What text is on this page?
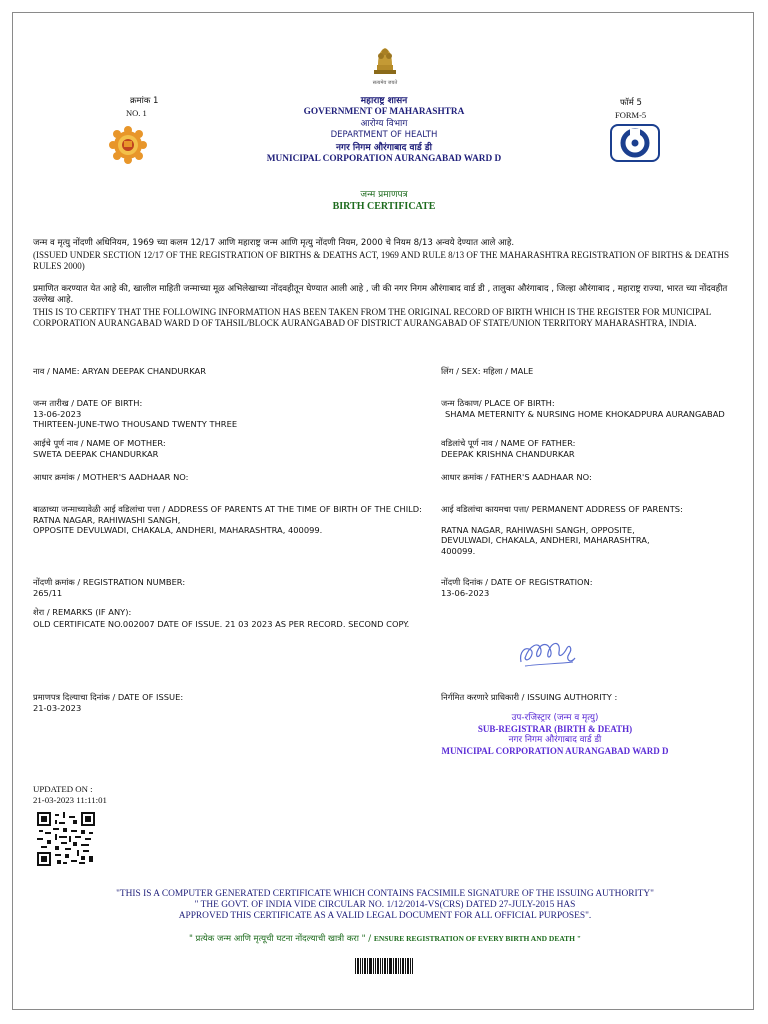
सत्यमेव जयते
क्रमांक 1
NO. 1
महाराष्ट्र शासन
GOVERNMENT OF MAHARASHTRA
आरोग्य विभाग
DEPARTMENT OF HEALTH
नगर निगम औरंगाबाद वार्ड डी
MUNICIPAL CORPORATION AURANGABAD WARD D
फॉर्म 5
FORM-5
जन्म प्रमाणपत्र
BIRTH CERTIFICATE
जन्म व मृत्यु नोंदणी अधिनियम, 1969 च्या कलम 12/17 आणि महाराष्ट्र जन्म आणि मृत्यु नोंदणी नियम, 2000 चे नियम 8/13 अन्वये देण्यात आले आहे.
(ISSUED UNDER SECTION 12/17 OF THE REGISTRATION OF BIRTHS & DEATHS ACT, 1969 AND RULE 8/13 OF THE MAHARASHTRA REGISTRATION OF BIRTHS & DEATHS RULES 2000)
प्रमाणित करण्यात येत आहे की, खालील माहिती जन्माच्या मूळ अभिलेखाच्या नोंदवहीतून घेण्यात आली आहे , जी की नगर निगम औरंगाबाद वार्ड डी , तालुका औरंगाबाद , जिल्हा औरंगाबाद , महाराष्ट्र राज्या, भारत च्या नोंदवहीत उल्लेख आहे.
THIS IS TO CERTIFY THAT THE FOLLOWING INFORMATION HAS BEEN TAKEN FROM THE ORIGINAL RECORD OF BIRTH WHICH IS THE REGISTER FOR MUNICIPAL CORPORATION AURANGABAD WARD D OF TAHSIL/BLOCK AURANGABAD OF DISTRICT AURANGABAD OF STATE/UNION TERRITORY MAHARASHTRA, INDIA.
नाव / NAME: ARYAN DEEPAK CHANDURKAR	लिंग / SEX: महिला / MALE
जन्म तारीख / DATE OF BIRTH:
13-06-2023
THIRTEEN-JUNE-TWO THOUSAND TWENTY THREE
जन्म ठिकाण/ PLACE OF BIRTH:
SHAMA METERNITY & NURSING HOME KHOKADPURA AURANGABAD
आईचे पूर्ण नाव / NAME OF MOTHER:
SWETA DEEPAK CHANDURKAR
वडिलांचे पूर्ण नाव / NAME OF FATHER:
DEEPAK KRISHNA CHANDURKAR
आधार क्रमांक / MOTHER'S AADHAAR NO:	आधार क्रमांक / FATHER'S AADHAAR NO:
बाळाच्या जन्माच्यावेळी आई वडिलांचा पत्ता / ADDRESS OF PARENTS AT THE TIME OF BIRTH OF THE CHILD:
RATNA NAGAR, RAHIWASHI SANGH,
OPPOSITE DEVULWADI, CHAKALA, ANDHERI, MAHARASHTRA, 400099.
आई वडिलांचा कायमचा पत्ता/ PERMANENT ADDRESS OF PARENTS:
RATNA NAGAR, RAHIWASHI SANGH, OPPOSITE, DEVULWADI, CHAKALA, ANDHERI, MAHARASHTRA, 400099.
नोंदणी क्रमांक / REGISTRATION NUMBER:
265/11
नोंदणी दिनांक / DATE OF REGISTRATION:
13-06-2023
शेरा / REMARKS (IF ANY):
OLD CERTIFICATE NO.002007 DATE OF ISSUE. 21 03 2023 AS PER RECORD. SECOND COPY.
प्रमाणपत्र दिल्याचा दिनांक / DATE OF ISSUE:
21-03-2023
निर्गमित करणारे प्राधिकारी / ISSUING AUTHORITY :
उप-रजिस्ट्रार (जन्म व मृत्यु)
SUB-REGISTRAR (BIRTH & DEATH)
नगर निगम औरंगाबाद वार्ड डी
MUNICIPAL CORPORATION AURANGABAD WARD D
UPDATED ON :
21-03-2023 11:11:01
"THIS IS A COMPUTER GENERATED CERTIFICATE WHICH CONTAINS FACSIMILE SIGNATURE OF THE ISSUING AUTHORITY"
" THE GOVT. OF INDIA VIDE CIRCULAR NO. 1/12/2014-VS(CRS) DATED 27-JULY-2015 HAS
APPROVED THIS CERTIFICATE AS A VALID LEGAL DOCUMENT FOR ALL OFFICIAL PURPOSES".
" प्रत्येक जन्म आणि मृत्यूची घटना नोंदल्याची खात्री करा " / ENSURE REGISTRATION OF EVERY BIRTH AND DEATH "
